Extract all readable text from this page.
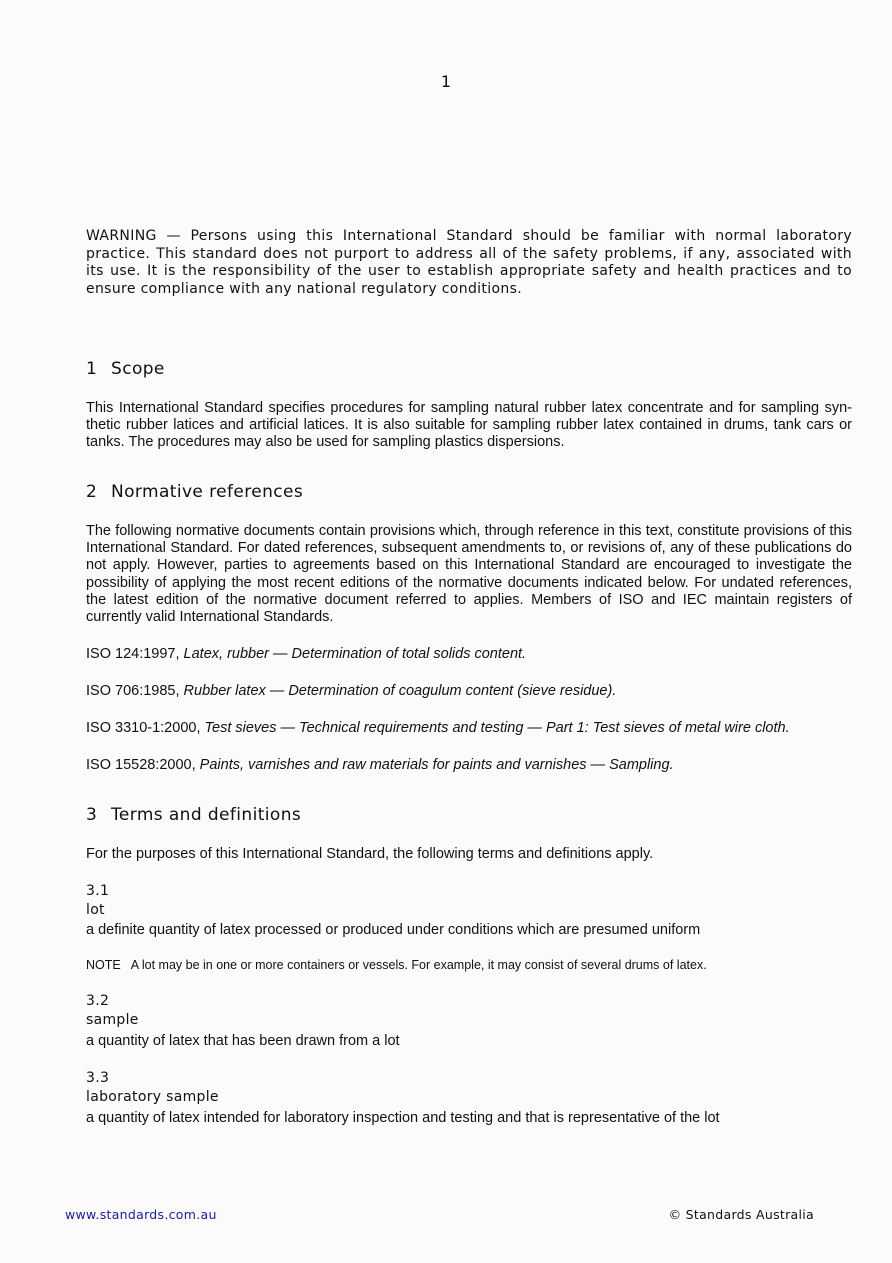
1

WARNING — Persons using this International Standard should be familiar with normal laboratory practice. This standard does not purport to address all of the safety problems, if any, associated with its use. It is the responsibility of the user to establish appropriate safety and health practices and to ensure compliance with any national regulatory conditions.

1 Scope

This International Standard specifies procedures for sampling natural rubber latex concentrate and for sampling synthetic rubber latices and artificial latices. It is also suitable for sampling rubber latex contained in drums, tank cars or tanks. The procedures may also be used for sampling plastics dispersions.

2 Normative references

The following normative documents contain provisions which, through reference in this text, constitute provisions of this International Standard. For dated references, subsequent amendments to, or revisions of, any of these publications do not apply. However, parties to agreements based on this International Standard are encouraged to investigate the possibility of applying the most recent editions of the normative documents indicated below. For undated references, the latest edition of the normative document referred to applies. Members of ISO and IEC maintain registers of currently valid International Standards.

ISO 124:1997, Latex, rubber — Determination of total solids content.

ISO 706:1985, Rubber latex — Determination of coagulum content (sieve residue).

ISO 3310-1:2000, Test sieves — Technical requirements and testing — Part 1: Test sieves of metal wire cloth.

ISO 15528:2000, Paints, varnishes and raw materials for paints and varnishes — Sampling.

3 Terms and definitions

For the purposes of this International Standard, the following terms and definitions apply.

3.1

lot

a definite quantity of latex processed or produced under conditions which are presumed uniform

NOTE A lot may be in one or more containers or vessels. For example, it may consist of several drums of latex.

3.2

sample

a quantity of latex that has been drawn from a lot

3.3

laboratory sample

a quantity of latex intended for laboratory inspection and testing and that is representative of the lot

www.standards.com.au	© Standards Australia
